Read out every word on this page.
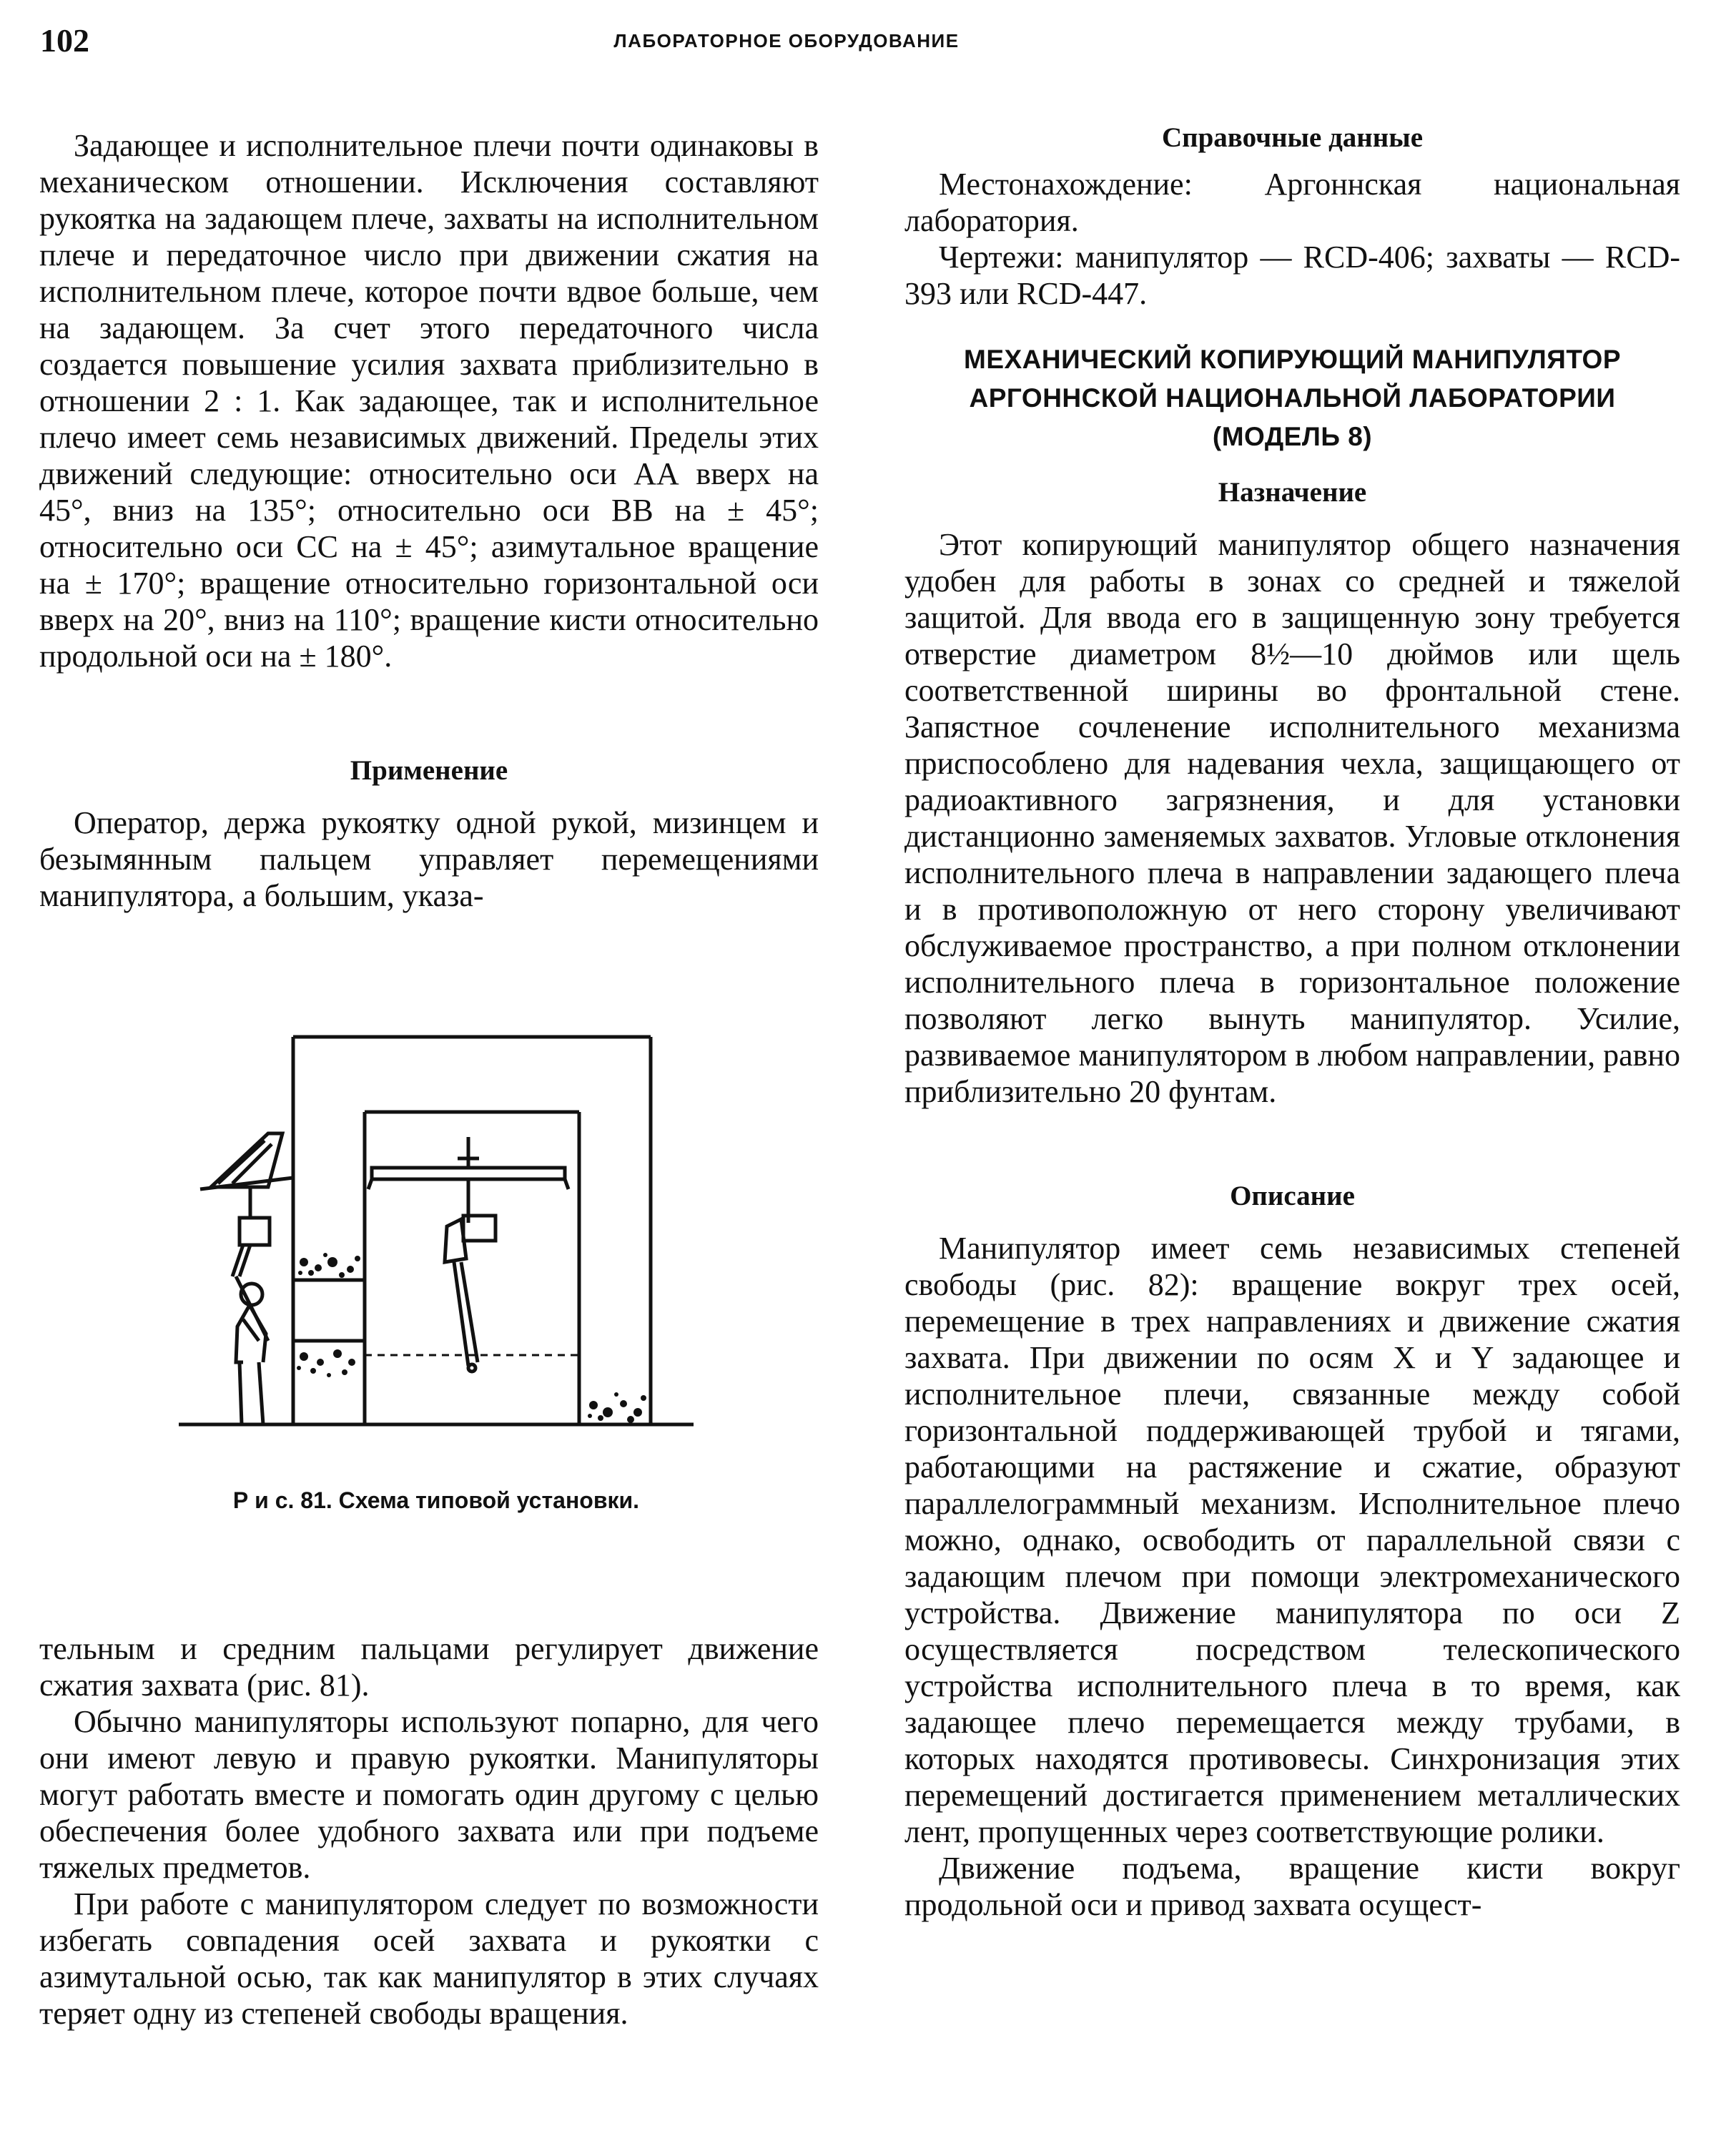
102	ЛАБОРАТОРНОЕ ОБОРУДОВАНИЕ

Задающее и исполнительное плечи почти одинаковы в механическом отношении. Исключения составляют рукоятка на задающем плече, захваты на исполнительном плече и передаточное число при движении сжатия на исполнительном плече, которое почти вдвое больше, чем на задающем. За счет этого передаточного числа создается повышение усилия захвата приблизительно в отношении 2 : 1. Как задающее, так и исполнительное плечо имеет семь независимых движений. Пределы этих движений следующие: относительно оси АА вверх на 45°, вниз на 135°; относительно оси ВВ на ± 45°; относительно оси СС на ± 45°; азимутальное вращение на ± 170°; вращение относительно горизонтальной оси вверх на 20°, вниз на 110°; вращение кисти относительно продольной оси на ± 180°.

Применение

Оператор, держа рукоятку одной рукой, мизинцем и безымянным пальцем управляет перемещениями манипулятора, а большим, указа-

Р и с. 81. Схема типовой установки.

тельным и средним пальцами регулирует движение сжатия захвата (рис. 81).

Обычно манипуляторы используют попарно, для чего они имеют левую и правую рукоятки. Манипуляторы могут работать вместе и помогать один другому с целью обеспечения более удобного захвата или при подъеме тяжелых предметов.

При работе с манипулятором следует по возможности избегать совпадения осей захвата и рукоятки с азимутальной осью, так как манипулятор в этих случаях теряет одну из степеней свободы вращения.

Справочные данные

Местонахождение: Аргоннская национальная лаборатория.

Чертежи: манипулятор — RCD-406; захваты — RCD-393 или RCD-447.

МЕХАНИЧЕСКИЙ КОПИРУЮЩИЙ МАНИПУЛЯТОР
АРГОННСКОЙ НАЦИОНАЛЬНОЙ ЛАБОРАТОРИИ
(МОДЕЛЬ 8)
Назначение

Этот копирующий манипулятор общего назначения удобен для работы в зонах со средней и тяжелой защитой. Для ввода его в защищенную зону требуется отверстие диаметром 8½—10 дюймов или щель соответственной ширины во фронтальной стене. Запястное сочленение исполнительного механизма приспособлено для надевания чехла, защищающего от радиоактивного загрязнения, и для установки дистанционно заменяемых захватов. Угловые отклонения исполнительного плеча в направлении задающего плеча и в противоположную от него сторону увеличивают обслуживаемое пространство, а при полном отклонении исполнительного плеча в горизонтальное положение позволяют легко вынуть манипулятор. Усилие, развиваемое манипулятором в любом направлении, равно приблизительно 20 фунтам.

Описание

Манипулятор имеет семь независимых степеней свободы (рис. 82): вращение вокруг трех осей, перемещение в трех направлениях и движение сжатия захвата. При движении по осям X и Y задающее и исполнительное плечи, связанные между собой горизонтальной поддерживающей трубой и тягами, работающими на растяжение и сжатие, образуют параллелограммный механизм. Исполнительное плечо можно, однако, освободить от параллельной связи с задающим плечом при помощи электромеханического устройства. Движение манипулятора по оси Z осуществляется посредством телескопического устройства исполнительного плеча в то время, как задающее плечо перемещается между трубами, в которых находятся противовесы. Синхронизация этих перемещений достигается применением металлических лент, пропущенных через соответствующие ролики.

Движение подъема, вращение кисти вокруг продольной оси и привод захвата осущест-
